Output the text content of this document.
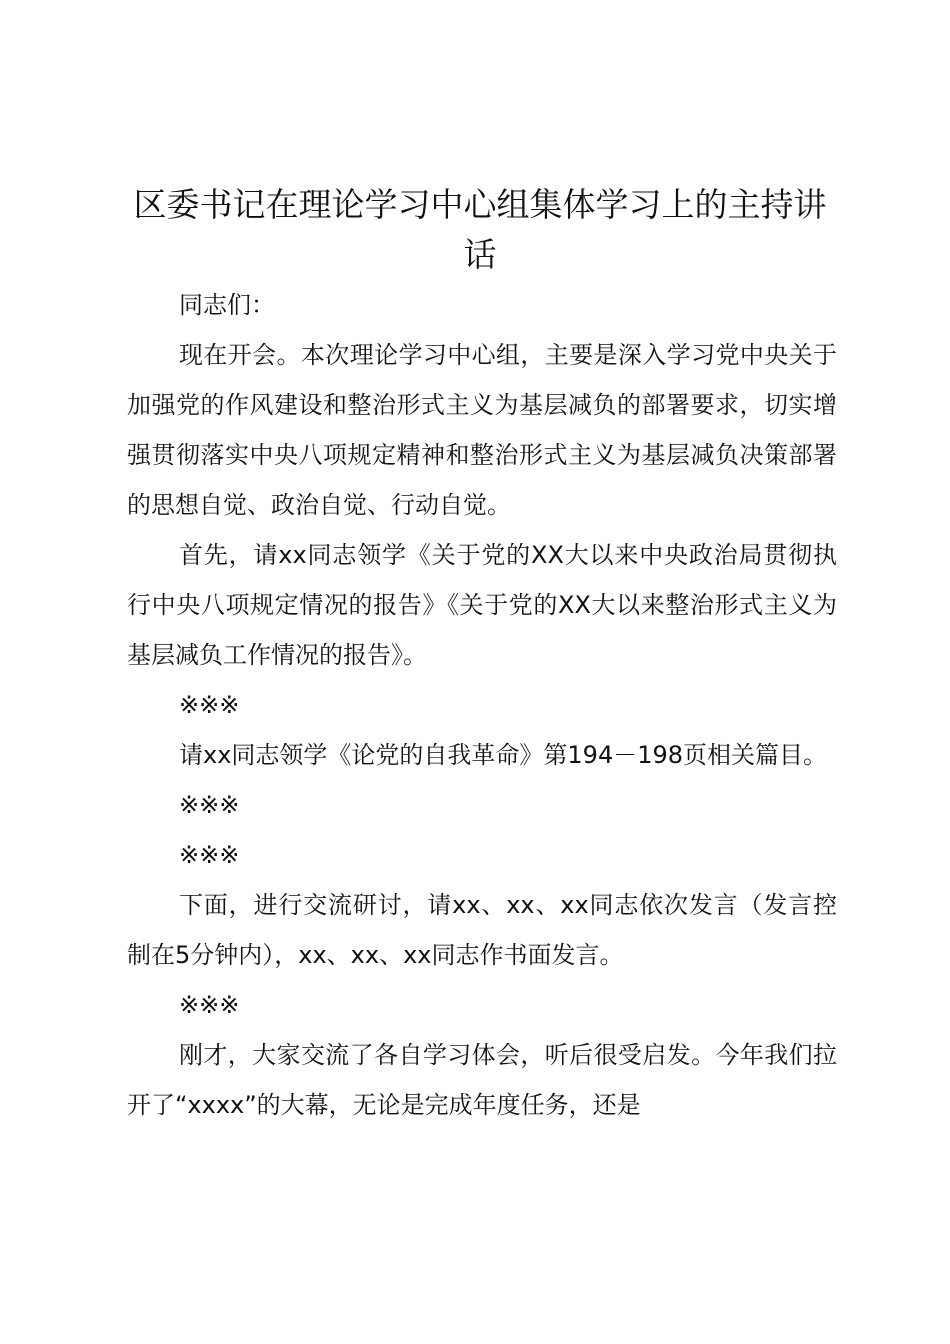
区委书记在理论学习中心组集体学习上的主持讲话

同志们：

现在开会。本次理论学习中心组，主要是深入学习党中央关于加强党的作风建设和整治形式主义为基层减负的部署要求，切实增强贯彻落实中央八项规定精神和整治形式主义为基层减负决策部署的思想自觉、政治自觉、行动自觉。

首先，请xx同志领学《关于党的XX大以来中央政治局贯彻执行中央八项规定情况的报告》《关于党的XX大以来整治形式主义为基层减负工作情况的报告》。

※※※

请xx同志领学《论党的自我革命》第194－198页相关篇目。

※※※

※※※

下面，进行交流研讨，请xx、xx、xx同志依次发言（发言控制在5分钟内），xx、xx、xx同志作书面发言。

※※※

刚才，大家交流了各自学习体会，听后很受启发。今年我们拉开了“xxxx”的大幕，无论是完成年度任务，还是
